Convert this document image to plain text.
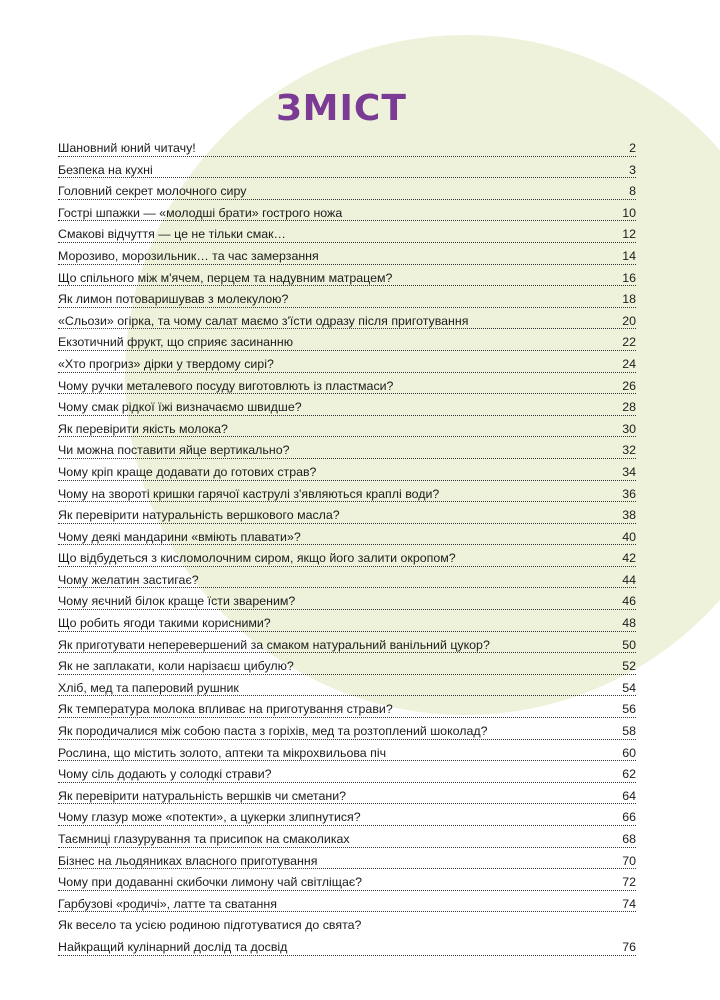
ЗМІСТ
Шановний юний читачу!	2
Безпека на кухні	3
Головний секрет молочного сиру	8
Гострі шпажки — «молодші брати» гострого ножа	10
Смакові відчуття — це не тільки смак…	12
Морозиво, морозильник… та час замерзання	14
Що спільного між м'ячем, перцем та надувним матрацем?	16
Як лимон потоваришував з молекулою?	18
«Сльози» огірка, та чому салат маємо з'їсти одразу після приготування	20
Екзотичний фрукт, що сприяє засинанню	22
«Хто прогриз» дірки у твердому сирі?	24
Чому ручки металевого посуду виготовлють із пластмаси?	26
Чому смак рідкої їжі визначаємо швидше?	28
Як перевірити якість молока?	30
Чи можна поставити яйце вертикально?	32
Чому кріп краще додавати до готових страв?	34
Чому на звороті кришки гарячої каструлі з'являються краплі води?	36
Як перевірити натуральність вершкового масла?	38
Чому деякі мандарини «вміють плавати»?	40
Що відбудеться з кисломолочним сиром, якщо його залити окропом?	42
Чому желатин застигає?	44
Чому яєчний білок краще їсти звареним?	46
Що робить ягоди такими корисними?	48
Як приготувати неперевершений за смаком натуральний ванільний цукор?	50
Як не заплакати, коли нарізаєш цибулю?	52
Хліб, мед та паперовий рушник	54
Як температура молока впливає на приготування страви?	56
Як породичалися між собою паста з горіхів, мед та розтоплений шоколад?	58
Рослина, що містить золото, аптеки та мікрохвильова піч	60
Чому сіль додають у солодкі страви?	62
Як перевірити натуральність вершків чи сметани?	64
Чому глазур може «потекти», а цукерки злипнутися?	66
Таємниці глазурування та присипок на смаколиках	68
Бізнес на льодяниках власного приготування	70
Чому при додаванні скибочки лимону чай світліщає?	72
Гарбузові «родичі», латте та сватання	74
Як весело та усією родиною підготуватися до свята?
Найкращий кулінарний дослід та досвід	76
